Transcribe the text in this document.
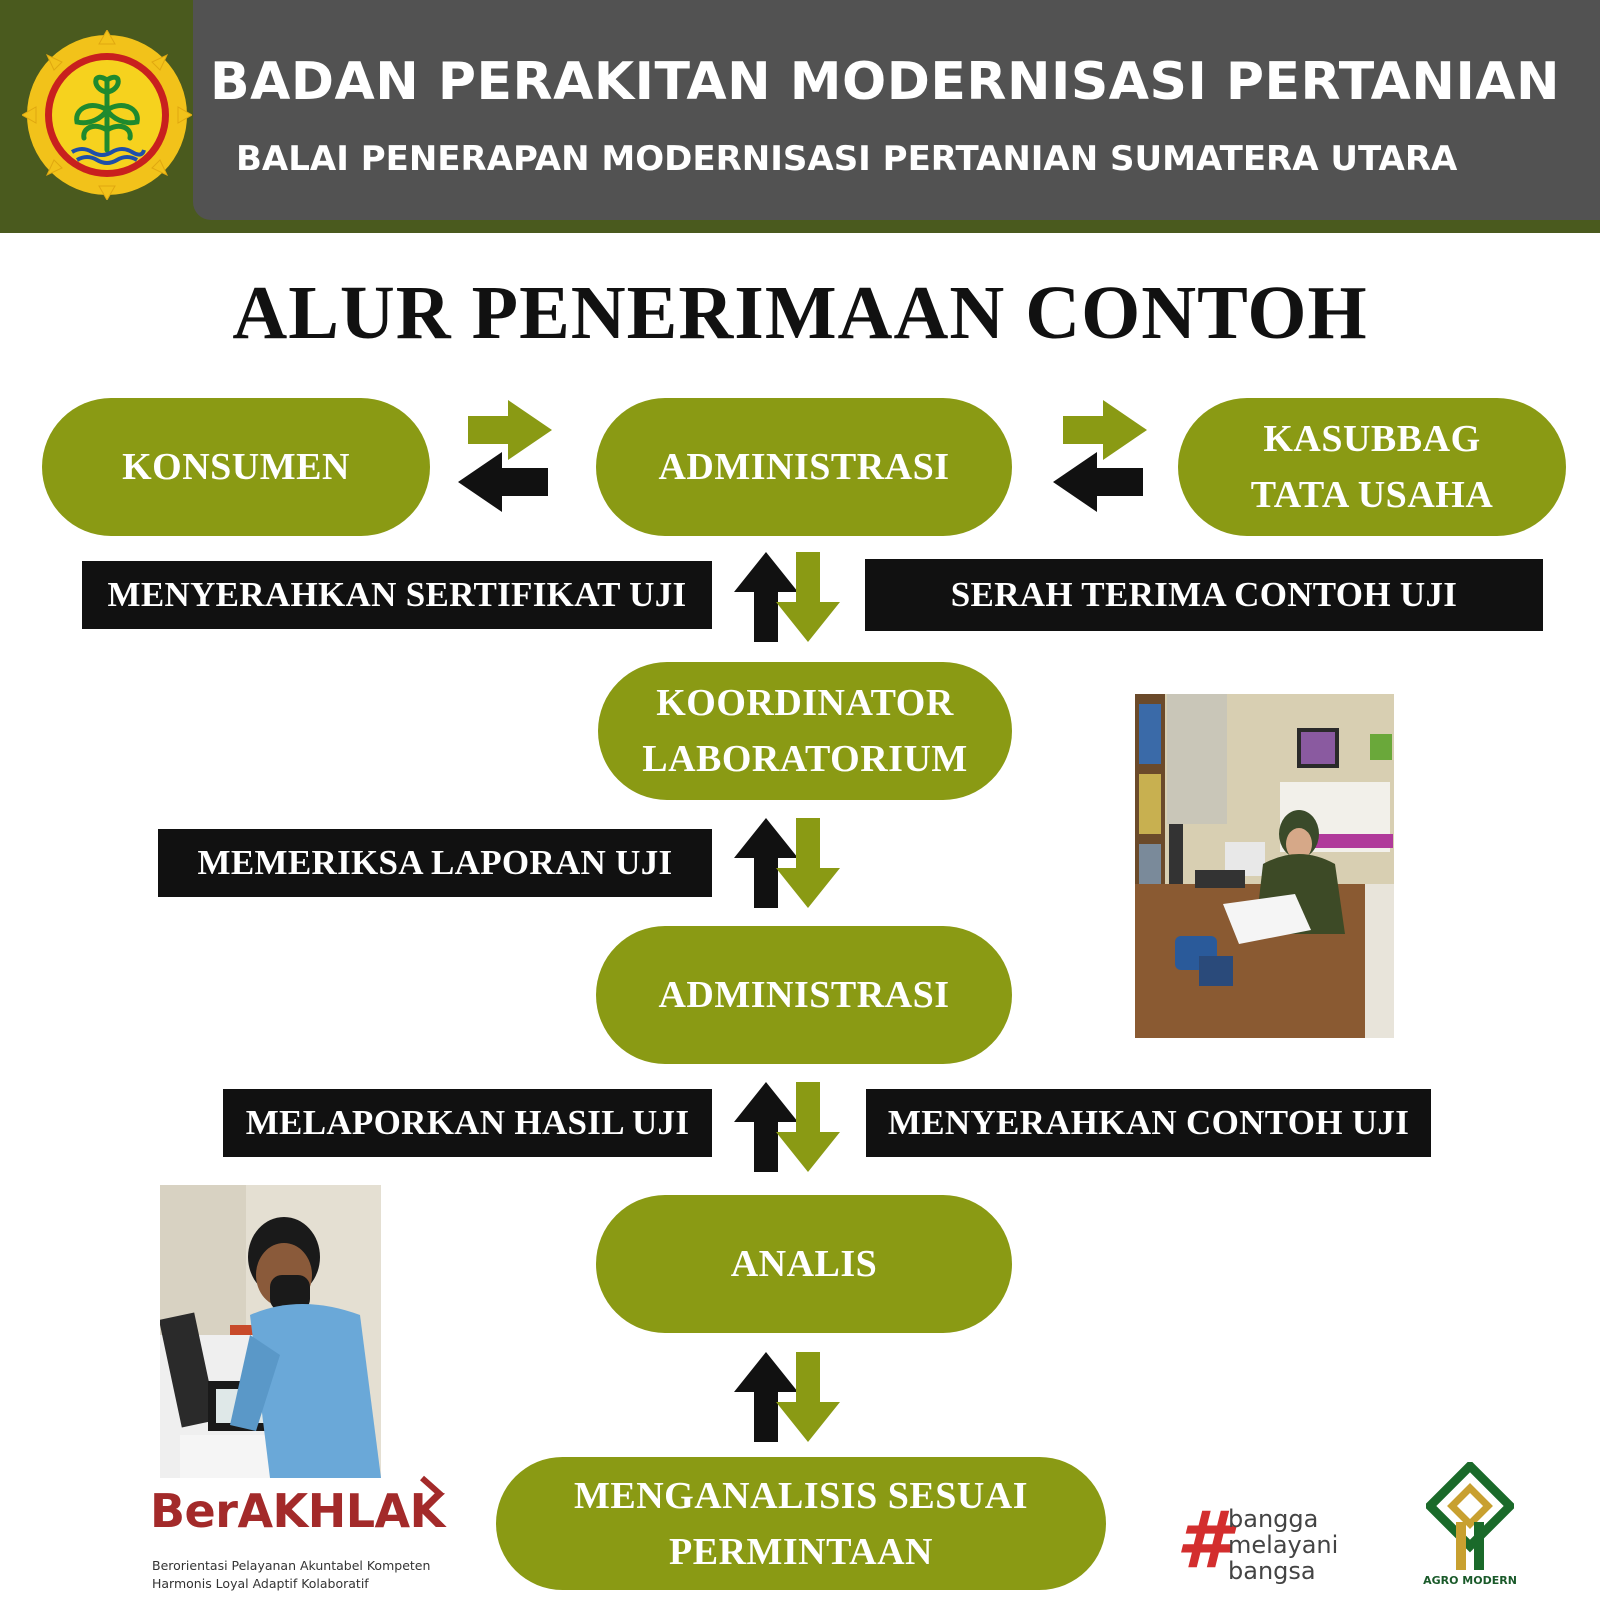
BADAN PERAKITAN MODERNISASI PERTANIAN
BALAI PENERAPAN MODERNISASI PERTANIAN SUMATERA UTARA
ALUR PENERIMAAN CONTOH
KONSUMEN	ADMINISTRASI
KASUBBAG
TATA USAHA
MENYERAHKAN SERTIFIKAT UJI	SERAH TERIMA CONTOH UJI
KOORDINATOR
LABORATORIUM
MEMERIKSA LAPORAN UJI
ADMINISTRASI
MELAPORKAN HASIL UJI	MENYERAHKAN CONTOH UJI
ANALIS
MENGANALISIS SESUAI
PERMINTAAN
BerAKHLAK
Berorientasi Pelayanan Akuntabel Kompeten
Harmonis Loyal Adaptif Kolaboratif	#
bangga
melayani
bangsa	AGRO MODERN
